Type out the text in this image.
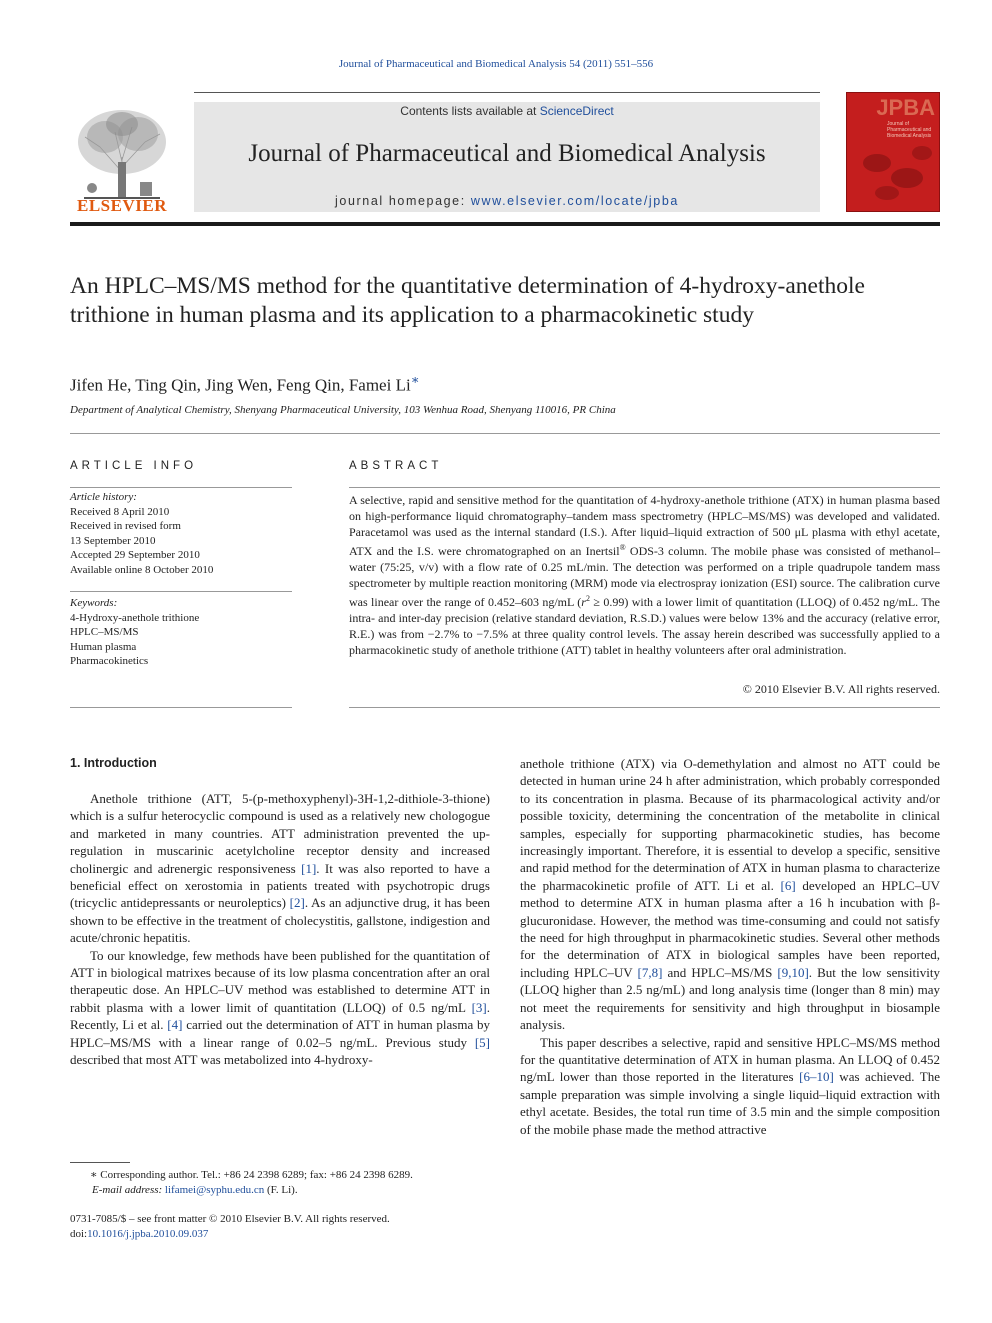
Journal of Pharmaceutical and Biomedical Analysis 54 (2011) 551–556
ELSEVIER
Contents lists available at ScienceDirect
Journal of Pharmaceutical and Biomedical Analysis
journal homepage: www.elsevier.com/locate/jpba
JPBA
Journal of Pharmaceutical and Biomedical Analysis
An HPLC–MS/MS method for the quantitative determination of 4-hydroxy-anethole trithione in human plasma and its application to a pharmacokinetic study
Jifen He, Ting Qin, Jing Wen, Feng Qin, Famei Li∗
Department of Analytical Chemistry, Shenyang Pharmaceutical University, 103 Wenhua Road, Shenyang 110016, PR China
ARTICLE INFO
Article history:
Received 8 April 2010
Received in revised form
13 September 2010
Accepted 29 September 2010
Available online 8 October 2010
Keywords:
4-Hydroxy-anethole trithione
HPLC–MS/MS
Human plasma
Pharmacokinetics
ABSTRACT
A selective, rapid and sensitive method for the quantitation of 4-hydroxy-anethole trithione (ATX) in human plasma based on high-performance liquid chromatography–tandem mass spectrometry (HPLC–MS/MS) was developed and validated. Paracetamol was used as the internal standard (I.S.). After liquid–liquid extraction of 500 μL plasma with ethyl acetate, ATX and the I.S. were chromatographed on an Inertsil® ODS-3 column. The mobile phase was consisted of methanol–water (75:25, v/v) with a flow rate of 0.25 mL/min. The detection was performed on a triple quadrupole tandem mass spectrometer by multiple reaction monitoring (MRM) mode via electrospray ionization (ESI) source. The calibration curve was linear over the range of 0.452–603 ng/mL $(r^2 \ge 0.99)$ with a lower limit of quantitation (LLOQ) of 0.452 ng/mL. The intra- and inter-day precision (relative standard deviation, R.S.D.) values were below 13% and the accuracy (relative error, R.E.) was from −2.7% to −7.5% at three quality control levels. The assay herein described was successfully applied to a pharmacokinetic study of anethole trithione (ATT) tablet in healthy volunteers after oral administration.
© 2010 Elsevier B.V. All rights reserved.
1. Introduction

Anethole trithione (ATT, 5-(p-methoxyphenyl)-3H-1,2-dithiole-3-thione) which is a sulfur heterocyclic compound is used as a relatively new chologogue and marketed in many countries. ATT administration prevented the up-regulation in muscarinic acetylcholine receptor density and increased cholinergic and adrenergic responsiveness [1]. It was also reported to have a beneficial effect on xerostomia in patients treated with psychotropic drugs (tricyclic antidepressants or neuroleptics) [2]. As an adjunctive drug, it has been shown to be effective in the treatment of cholecystitis, gallstone, indigestion and acute/chronic hepatitis.

To our knowledge, few methods have been published for the quantitation of ATT in biological matrixes because of its low plasma concentration after an oral therapeutic dose. An HPLC–UV method was established to determine ATT in rabbit plasma with a lower limit of quantitation (LLOQ) of 0.5 ng/mL [3]. Recently, Li et al. [4] carried out the determination of ATT in human plasma by HPLC–MS/MS with a linear range of 0.02–5 ng/mL. Previous study [5] described that most ATT was metabolized into 4-hydroxy-

anethole trithione (ATX) via O-demethylation and almost no ATT could be detected in human urine 24 h after administration, which probably corresponded to its concentration in plasma. Because of its pharmacological activity and/or possible toxicity, determining the concentration of the metabolite in clinical samples, especially for supporting pharmacokinetic studies, has become increasingly important. Therefore, it is essential to develop a specific, sensitive and rapid method for the determination of ATX in human plasma to characterize the pharmacokinetic profile of ATT. Li et al. [6] developed an HPLC–UV method to determine ATX in human plasma after a 16 h incubation with β-glucuronidase. However, the method was time-consuming and could not satisfy the need for high throughput in pharmacokinetic studies. Several other methods for the determination of ATX in biological samples have been reported, including HPLC–UV [7,8] and HPLC–MS/MS [9,10]. But the low sensitivity (LLOQ higher than 2.5 ng/mL) and long analysis time (longer than 8 min) may not meet the requirements for sensitivity and high throughput in biosample analysis.

This paper describes a selective, rapid and sensitive HPLC–MS/MS method for the quantitative determination of ATX in human plasma. An LLOQ of 0.452 ng/mL lower than those reported in the literatures [6–10] was achieved. The sample preparation was simple involving a single liquid–liquid extraction with ethyl acetate. Besides, the total run time of 3.5 min and the simple composition of the mobile phase made the method attractive

∗ Corresponding author. Tel.: +86 24 2398 6289; fax: +86 24 2398 6289.
E-mail address: lifamei@syphu.edu.cn (F. Li).
0731-7085/$ – see front matter © 2010 Elsevier B.V. All rights reserved.
doi:10.1016/j.jpba.2010.09.037
